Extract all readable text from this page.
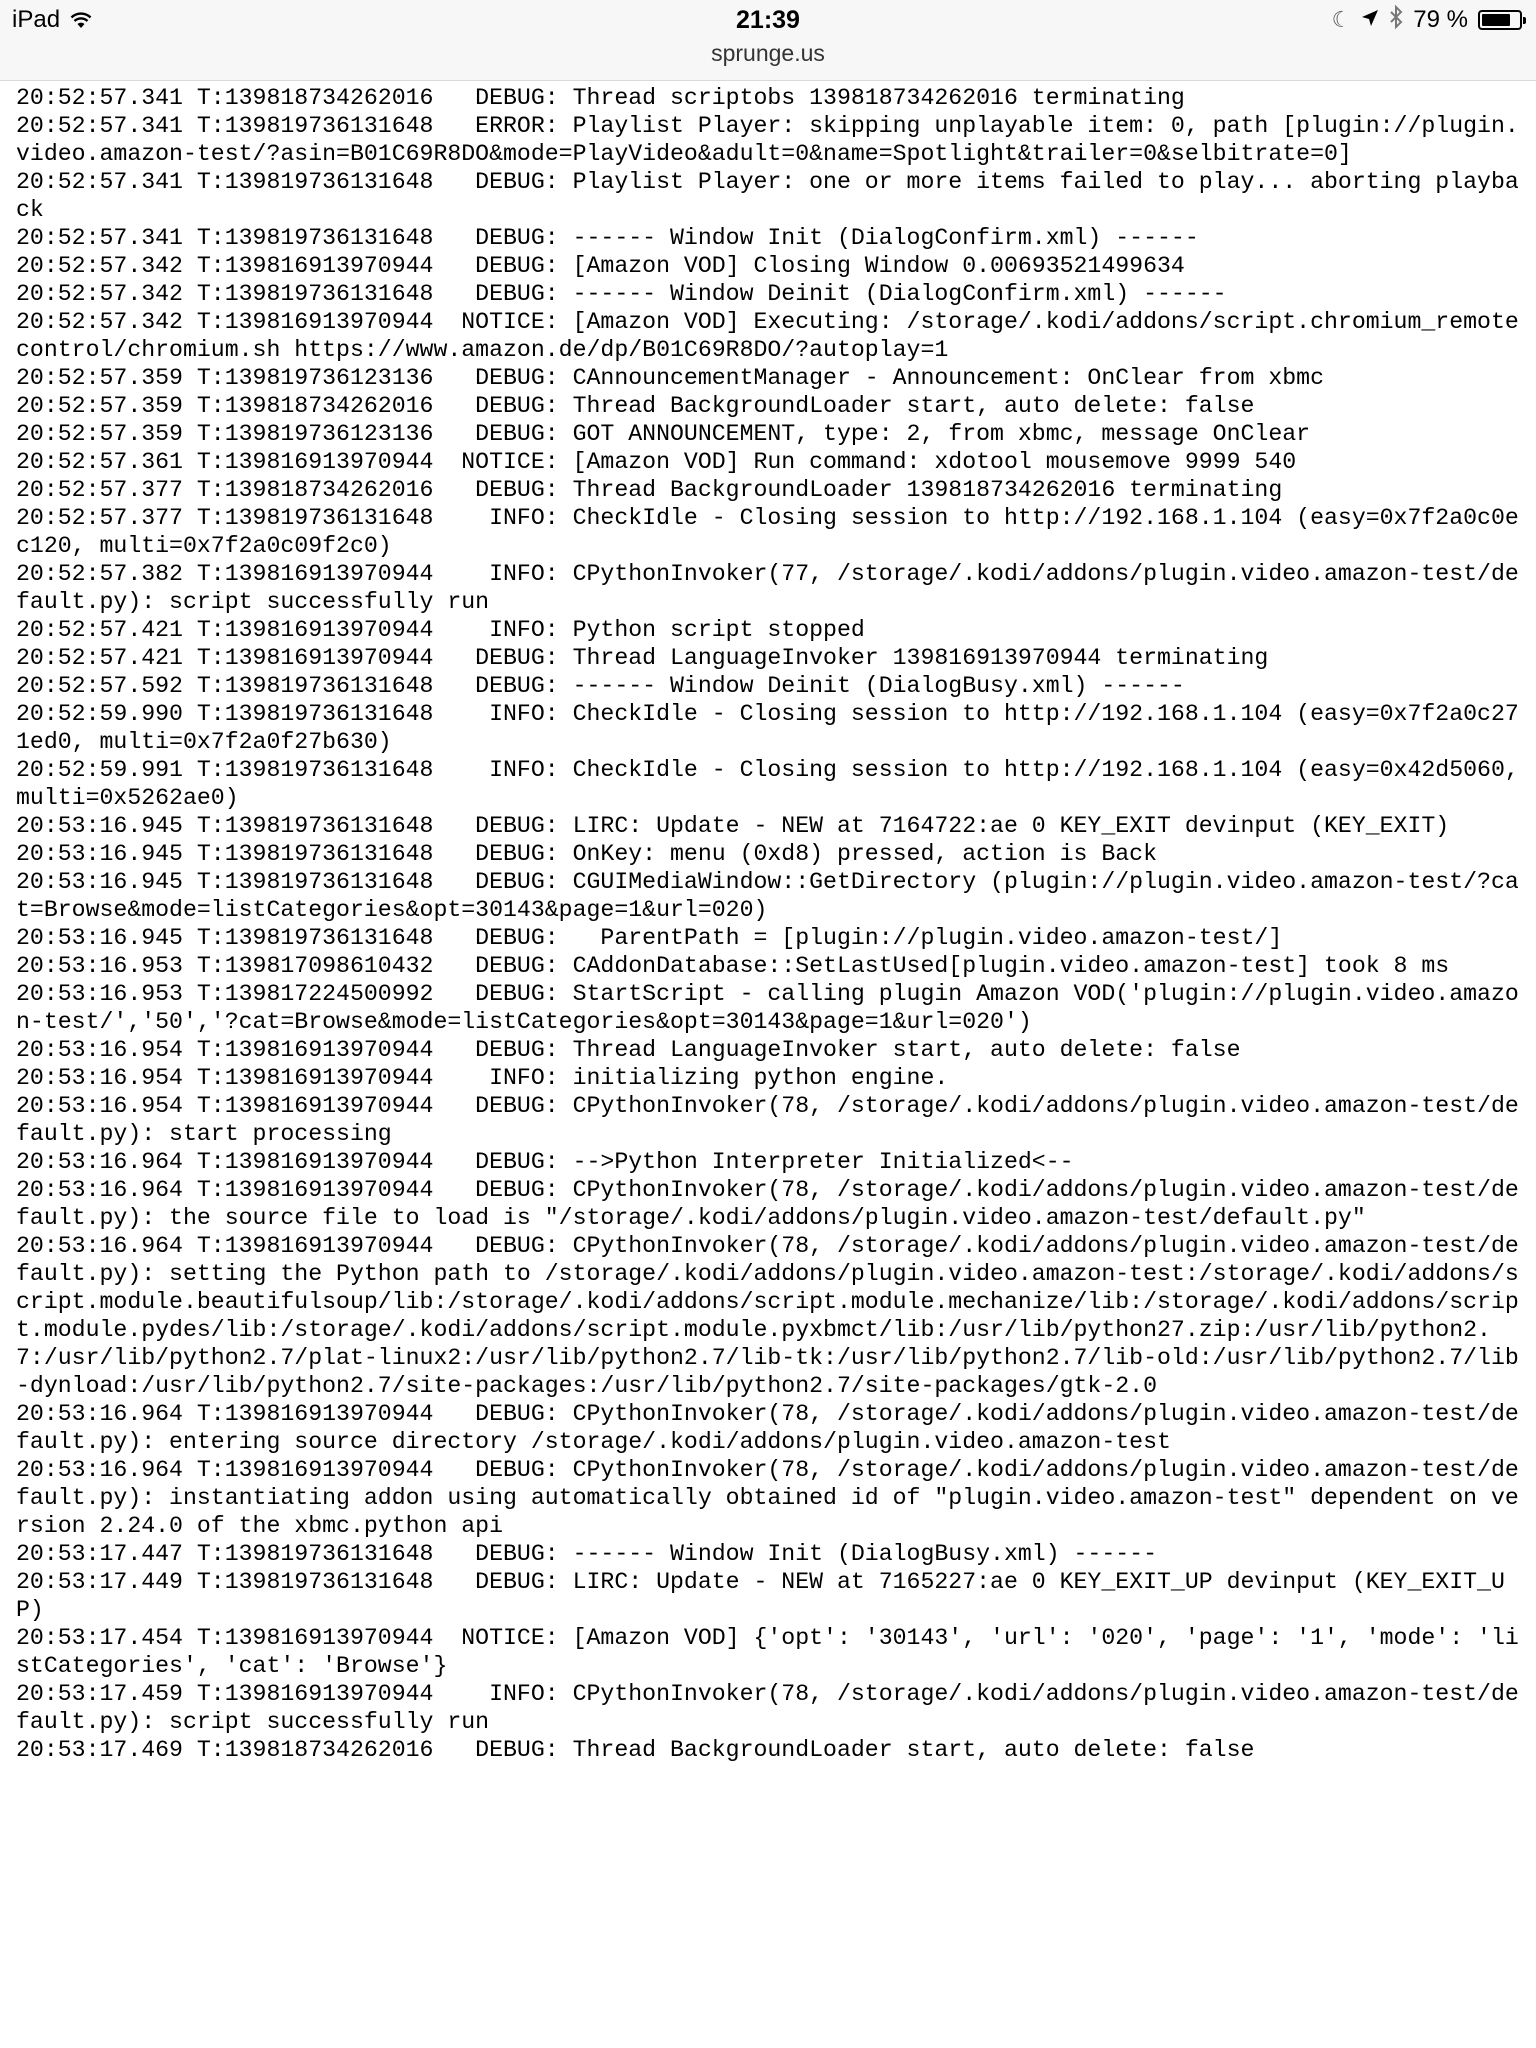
iPad	21:39
sprunge.us
☾	79 %
20:52:57.341 T:139818734262016   DEBUG: Thread scriptobs 139818734262016 terminating
20:52:57.341 T:139819736131648   ERROR: Playlist Player: skipping unplayable item: 0, path [plugin://plugin.video.amazon-test/?asin=B01C69R8DO&mode=PlayVideo&adult=0&name=Spotlight&trailer=0&selbitrate=0]
20:52:57.341 T:139819736131648   DEBUG: Playlist Player: one or more items failed to play... aborting playback
20:52:57.341 T:139819736131648   DEBUG: ------ Window Init (DialogConfirm.xml) ------
20:52:57.342 T:139816913970944   DEBUG: [Amazon VOD] Closing Window 0.00693521499634
20:52:57.342 T:139819736131648   DEBUG: ------ Window Deinit (DialogConfirm.xml) ------
20:52:57.342 T:139816913970944  NOTICE: [Amazon VOD] Executing: /storage/.kodi/addons/script.chromium_remotecontrol/chromium.sh https://www.amazon.de/dp/B01C69R8DO/?autoplay=1
20:52:57.359 T:139819736123136   DEBUG: CAnnouncementManager - Announcement: OnClear from xbmc
20:52:57.359 T:139818734262016   DEBUG: Thread BackgroundLoader start, auto delete: false
20:52:57.359 T:139819736123136   DEBUG: GOT ANNOUNCEMENT, type: 2, from xbmc, message OnClear
20:52:57.361 T:139816913970944  NOTICE: [Amazon VOD] Run command: xdotool mousemove 9999 540
20:52:57.377 T:139818734262016   DEBUG: Thread BackgroundLoader 139818734262016 terminating
20:52:57.377 T:139819736131648    INFO: CheckIdle - Closing session to http://192.168.1.104 (easy=0x7f2a0c0ec120, multi=0x7f2a0c09f2c0)
20:52:57.382 T:139816913970944    INFO: CPythonInvoker(77, /storage/.kodi/addons/plugin.video.amazon-test/default.py): script successfully run
20:52:57.421 T:139816913970944    INFO: Python script stopped
20:52:57.421 T:139816913970944   DEBUG: Thread LanguageInvoker 139816913970944 terminating
20:52:57.592 T:139819736131648   DEBUG: ------ Window Deinit (DialogBusy.xml) ------
20:52:59.990 T:139819736131648    INFO: CheckIdle - Closing session to http://192.168.1.104 (easy=0x7f2a0c271ed0, multi=0x7f2a0f27b630)
20:52:59.991 T:139819736131648    INFO: CheckIdle - Closing session to http://192.168.1.104 (easy=0x42d5060, multi=0x5262ae0)
20:53:16.945 T:139819736131648   DEBUG: LIRC: Update - NEW at 7164722:ae 0 KEY_EXIT devinput (KEY_EXIT)
20:53:16.945 T:139819736131648   DEBUG: OnKey: menu (0xd8) pressed, action is Back
20:53:16.945 T:139819736131648   DEBUG: CGUIMediaWindow::GetDirectory (plugin://plugin.video.amazon-test/?cat=Browse&mode=listCategories&opt=30143&page=1&url=020)
20:53:16.945 T:139819736131648   DEBUG:   ParentPath = [plugin://plugin.video.amazon-test/]
20:53:16.953 T:139817098610432   DEBUG: CAddonDatabase::SetLastUsed[plugin.video.amazon-test] took 8 ms
20:53:16.953 T:139817224500992   DEBUG: StartScript - calling plugin Amazon VOD('plugin://plugin.video.amazon-test/','50','?cat=Browse&mode=listCategories&opt=30143&page=1&url=020')
20:53:16.954 T:139816913970944   DEBUG: Thread LanguageInvoker start, auto delete: false
20:53:16.954 T:139816913970944    INFO: initializing python engine.
20:53:16.954 T:139816913970944   DEBUG: CPythonInvoker(78, /storage/.kodi/addons/plugin.video.amazon-test/default.py): start processing
20:53:16.964 T:139816913970944   DEBUG: -->Python Interpreter Initialized<--
20:53:16.964 T:139816913970944   DEBUG: CPythonInvoker(78, /storage/.kodi/addons/plugin.video.amazon-test/default.py): the source file to load is "/storage/.kodi/addons/plugin.video.amazon-test/default.py"
20:53:16.964 T:139816913970944   DEBUG: CPythonInvoker(78, /storage/.kodi/addons/plugin.video.amazon-test/default.py): setting the Python path to /storage/.kodi/addons/plugin.video.amazon-test:/storage/.kodi/addons/script.module.beautifulsoup/lib:/storage/.kodi/addons/script.module.mechanize/lib:/storage/.kodi/addons/script.module.pydes/lib:/storage/.kodi/addons/script.module.pyxbmct/lib:/usr/lib/python27.zip:/usr/lib/python2.7:/usr/lib/python2.7/plat-linux2:/usr/lib/python2.7/lib-tk:/usr/lib/python2.7/lib-old:/usr/lib/python2.7/lib-dynload:/usr/lib/python2.7/site-packages:/usr/lib/python2.7/site-packages/gtk-2.0
20:53:16.964 T:139816913970944   DEBUG: CPythonInvoker(78, /storage/.kodi/addons/plugin.video.amazon-test/default.py): entering source directory /storage/.kodi/addons/plugin.video.amazon-test
20:53:16.964 T:139816913970944   DEBUG: CPythonInvoker(78, /storage/.kodi/addons/plugin.video.amazon-test/default.py): instantiating addon using automatically obtained id of "plugin.video.amazon-test" dependent on version 2.24.0 of the xbmc.python api
20:53:17.447 T:139819736131648   DEBUG: ------ Window Init (DialogBusy.xml) ------
20:53:17.449 T:139819736131648   DEBUG: LIRC: Update - NEW at 7165227:ae 0 KEY_EXIT_UP devinput (KEY_EXIT_UP)
20:53:17.454 T:139816913970944  NOTICE: [Amazon VOD] {'opt': '30143', 'url': '020', 'page': '1', 'mode': 'listCategories', 'cat': 'Browse'}
20:53:17.459 T:139816913970944    INFO: CPythonInvoker(78, /storage/.kodi/addons/plugin.video.amazon-test/default.py): script successfully run
20:53:17.469 T:139818734262016   DEBUG: Thread BackgroundLoader start, auto delete: false
